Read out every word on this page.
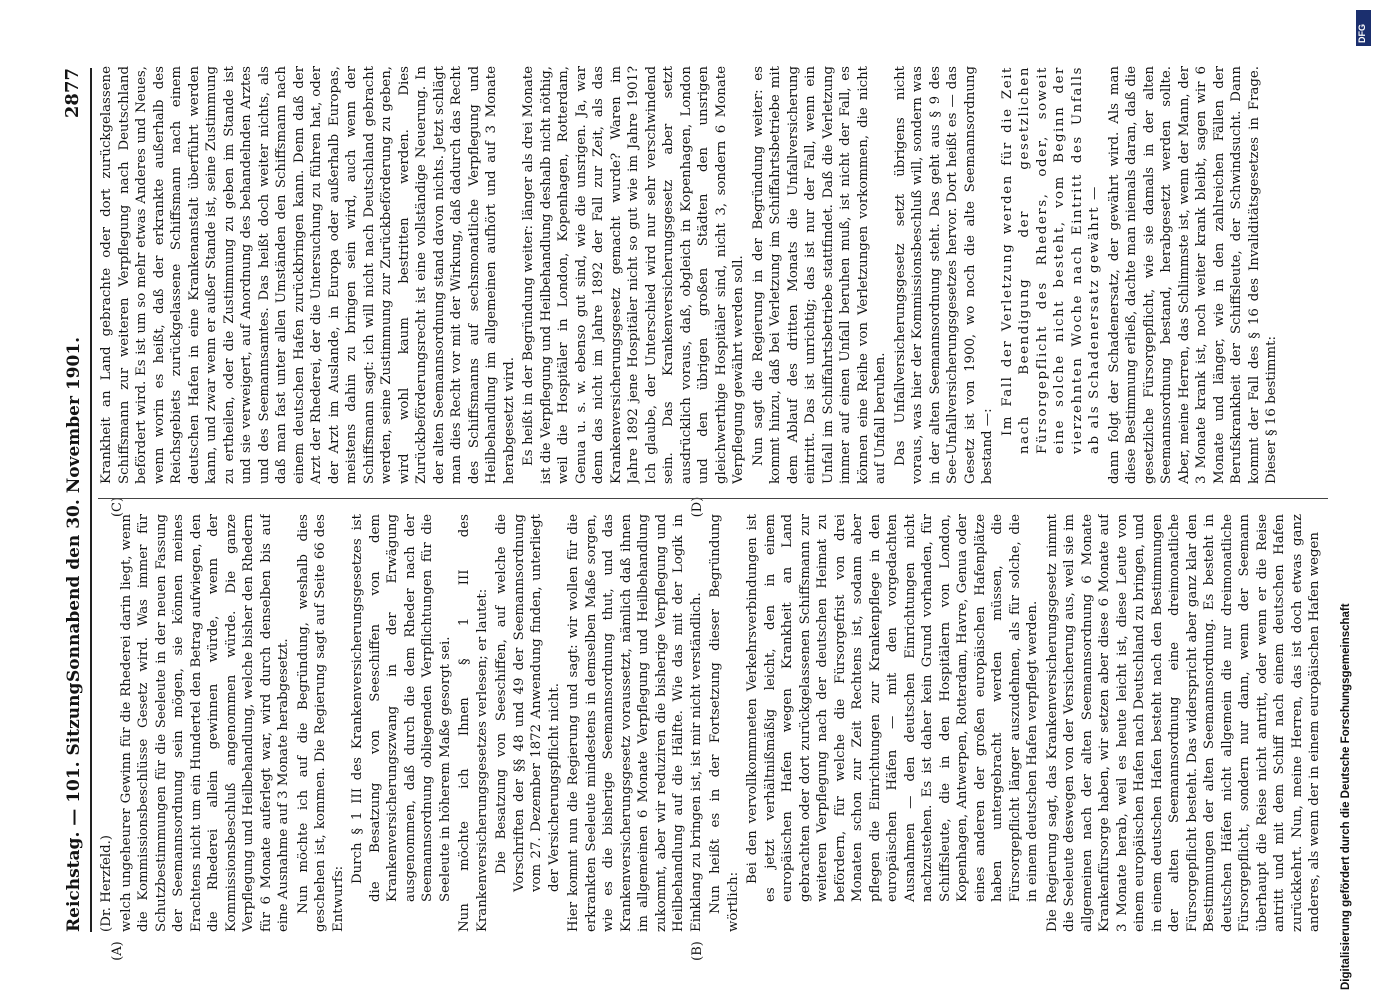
Reichstag. — 101. Sitzung.
Sonnabend den 30. November 1901.
2877
(A)	(B)
(C)	(D)

(Dr. Herzfeld.) welch ungeheurer Gewinn für die Rhederei darin liegt, wenn die Kommissionsbeschlüsse Gesetz wird. Was immer für Schutzbestimmungen für die Seeleute in der neuen Fassung der Seemannsordnung sein mögen, sie können meines Erachtens nicht um ein Hundertel den Betrag aufwiegen, den die Rhederei allein gewinnen würde, wenn der Kommissionsbeschluß angenommen würde. Die ganze Verpflegung und Heilbehandlung, welche bisher den Rhedern für 6 Monate auferlegt war, wird durch denselben bis auf eine Ausnahme auf 3 Monate herabgesetzt. Nun möchte ich auf die Begründung, weshalb dies geschehen ist, kommen. Die Regierung sagt auf Seite 66 des Entwurfs:

Durch § 1 III des Krankenversicherungsgesetzes ist die Besatzung von Seeschiffen von dem Krankenversicherungszwang in der Erwägung ausgenommen, daß durch die dem Rheder nach der Seemannsordnung obliegenden Verpflichtungen für die Seeleute in höherem Maße gesorgt sei. Nun möchte ich Ihnen § 1 III des Krankenversicherungsgesetzes verlesen; er lautet: Die Besatzung von Seeschiffen, auf welche die Vorschriften der §§ 48 und 49 der Seemannsordnung vom 27. Dezember 1872 Anwendung finden, unterliegt der Versicherungspflicht nicht. Hier kommt nun die Regierung und sagt: wir wollen für die erkrankten Seeleute mindestens in demselben Maße sorgen, wie es die bisherige Seemannsordnung thut, und das Krankenversicherungsgesetz voraussetzt, nämlich daß ihnen im allgemeinen 6 Monate Verpflegung und Heilbehandlung zukommt, aber wir reduziren die bisherige Verpflegung und Heilbehandlung auf die Hälfte. Wie das mit der Logik in Einklang zu bringen ist, ist mir nicht verständlich. Nun heißt es in der Fortsetzung dieser Begründung wörtlich:

Bei den vervollkommneten Verkehrsverbindungen ist es jetzt verhältnißmäßig leicht, den in einem europäischen Hafen wegen Krankheit an Land gebrachten oder dort zurückgelassenen Schiffsmann zur weiteren Verpflegung nach der deutschen Heimat zu befördern, für welche die Fürsorgefrist von drei Monaten schon zur Zeit Rechtens ist, sodann aber pflegen die Einrichtungen zur Krankenpflege in den europäischen Häfen — mit den vorgedachten Ausnahmen — den deutschen Einrichtungen nicht nachzustehen. Es ist daher kein Grund vorhanden, für Schiffsleute, die in den Hospitälern von London, Kopenhagen, Antwerpen, Rotterdam, Havre, Genua oder eines anderen der großen europäischen Hafenplätze haben untergebracht werden müssen, die Fürsorgepflicht länger auszudehnen, als für solche, die in einem deutschen Hafen verpflegt werden. Die Regierung sagt, das Krankenversicherungsgesetz nimmt die Seeleute deswegen von der Versicherung aus, weil sie im allgemeinen nach der alten Seemannsordnung 6 Monate Krankenfürsorge haben, wir setzen aber diese 6 Monate auf 3 Monate herab, weil es heute leicht ist, diese Leute von einem europäischen Hafen nach Deutschland zu bringen, und in einem deutschen Hafen besteht nach den Bestimmungen der alten Seemannsordnung eine dreimonatliche Fürsorgepflicht besteht. Das widerspricht aber ganz klar den Bestimmungen der alten Seemannsordnung. Es besteht in deutschen Häfen nicht allgemein die nur dreimonatliche Fürsorgepflicht, sondern nur dann, wenn der Seemann überhaupt die Reise nicht antritt, oder wenn er die Reise antritt und mit dem Schiff nach einem deutschen Hafen zurückkehrt. Nun, meine Herren, das ist doch etwas ganz anderes, als wenn der in einem europäischen Hafen wegen

Krankheit an Land gebrachte oder dort zurückgelassene Schiffsmann zur weiteren Verpflegung nach Deutschland befördert wird. Es ist um so mehr etwas Anderes und Neues, wenn worin es heißt, daß der erkrankte außerhalb des Reichsgebiets zurückgelassene Schiffsmann nach einem deutschen Hafen in eine Krankenanstalt überführt werden kann, und zwar wenn er außer Stande ist, seine Zustimmung zu ertheilen, oder die Zustimmung zu geben im Stande ist und sie verweigert, auf Anordnung des behandelnden Arztes und des Seemannsamtes. Das heißt doch weiter nichts, als daß man fast unter allen Umständen den Schiffsmann nach einem deutschen Hafen zurückbringen kann. Denn daß der Arzt der Rhederei, der die Untersuchung zu führen hat, oder der Arzt im Auslande, in Europa oder außerhalb Europas, meistens dahin zu bringen sein wird, auch wenn der Schiffsmann sagt: ich will nicht nach Deutschland gebracht werden, seine Zustimmung zur Zurückbeförderung zu geben, wird wohl kaum bestritten werden. Dies Zurückbeförderungsrecht ist eine vollständige Neuerung. In der alten Seemannsordnung stand davon nichts. Jetzt schlägt man dies Recht vor mit der Wirkung, daß dadurch das Recht des Schiffsmanns auf sechsmonatliche Verpflegung und Heilbehandlung im allgemeinen aufhört und auf 3 Monate herabgesetzt wird. Es heißt in der Begründung weiter: länger als drei Monate ist die Verpflegung und Heilbehandlung deshalb nicht nöthig, weil die Hospitäler in London, Kopenhagen, Rotterdam, Genua u. s. w. ebenso gut sind, wie die unsrigen. Ja, war denn das nicht im Jahre 1892 der Fall zur Zeit, als das Krankenversicherungsgesetz gemacht wurde? Waren im Jahre 1892 jene Hospitäler nicht so gut wie im Jahre 1901? Ich glaube, der Unterschied wird nur sehr verschwindend sein. Das Krankenversicherungsgesetz aber setzt ausdrücklich voraus, daß, obgleich in Kopenhagen, London und den übrigen großen Städten den unsrigen gleichwerthige Hospitäler sind, nicht 3, sondern 6 Monate Verpflegung gewährt werden soll. Nun sagt die Regierung in der Begründung weiter: es kommt hinzu, daß bei Verletzung im Schiffahrtsbetriebe mit dem Ablauf des dritten Monats die Unfallversicherung eintritt. Das ist unrichtig; das ist nur der Fall, wenn ein Unfall im Schiffahrtsbetriebe stattfindet. Daß die Verletzung immer auf einen Unfall beruhen muß, ist nicht der Fall, es können eine Reihe von Verletzungen vorkommen, die nicht auf Unfall beruhen. Das Unfallversicherungsgesetz setzt übrigens nicht voraus, was hier der Kommissionsbeschluß will, sondern was in der alten Seemannsordnung steht. Das geht aus § 9 des See-Unfallversicherungsgesetzes hervor. Dort heißt es — das Gesetz ist von 1900, wo noch die alte Seemannsordnung bestand —:

Im Fall der Verletzung werden für die Zeit nach Beendigung der gesetzlichen Fürsorgepflicht des Rheders, oder, soweit eine solche nicht besteht, vom Beginn der vierzehnten Woche nach Eintritt des Unfalls ab als Schadenersatz gewährt — dann folgt der Schadenersatz, der gewährt wird. Als man diese Bestimmung erließ, dachte man niemals daran, daß die gesetzliche Fürsorgepflicht, wie sie damals in der alten Seemannsordnung bestand, herabgesetzt werden sollte. Aber, meine Herren, das Schlimmste ist, wenn der Mann, der 3 Monate krank ist, noch weiter krank bleibt, sagen wir 6 Monate und länger, wie in den zahlreichen Fällen der Berufskrankheit der Schiffsleute, der Schwindsucht. Dann kommt der Fall des § 16 des Invaliditätsgesetzes in Frage. Dieser § 16 bestimmt:

Digitalisierung gefördert durch die Deutsche Forschungsgemeinschaft
DFG
